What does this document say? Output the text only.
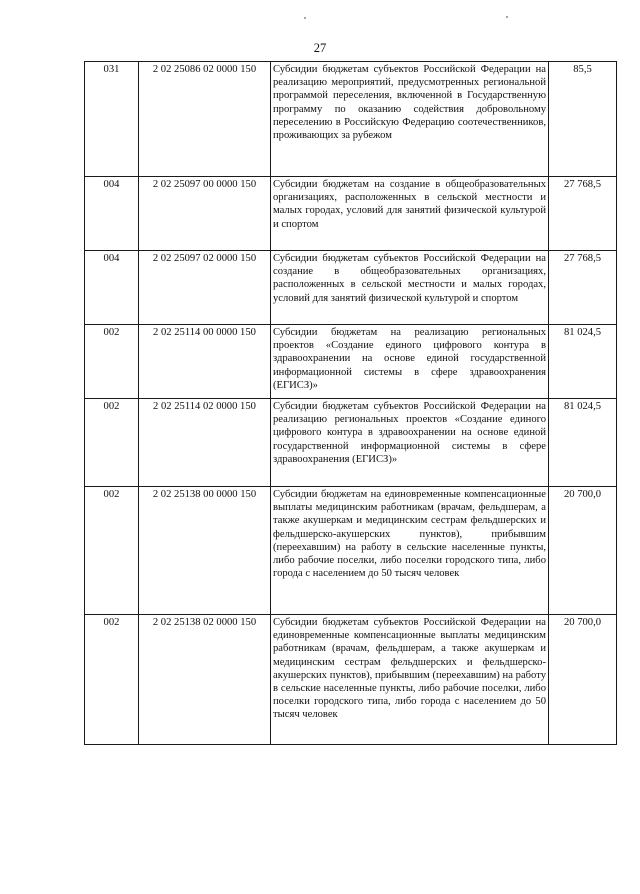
27
031	2 02 25086 02 0000 150	Субсидии бюджетам субъектов Российской Федерации на реализацию мероприятий, предусмотренных региональной программой переселения, включенной в Государственную программу по оказанию содействия добровольному переселению в Российскую Федерацию соотечественников, проживающих за рубежом	85,5
004	2 02 25097 00 0000 150	Субсидии бюджетам на создание в общеобразовательных организациях, расположенных в сельской местности и малых городах, условий для занятий физической культурой и спортом	27 768,5
004	2 02 25097 02 0000 150	Субсидии бюджетам субъектов Российской Федерации на создание в общеобразовательных организациях, расположенных в сельской местности и малых городах, условий для занятий физической культурой и спортом	27 768,5
002	2 02 25114 00 0000 150	Субсидии бюджетам на реализацию региональных проектов «Создание единого цифрового контура в здравоохранении на основе единой государственной информационной системы в сфере здравоохранения (ЕГИСЗ)»	81 024,5
002	2 02 25114 02 0000 150	Субсидии бюджетам субъектов Российской Федерации на реализацию региональных проектов «Создание единого цифрового контура в здравоохранении на основе единой государственной информационной системы в сфере здравоохранения (ЕГИСЗ)»	81 024,5
002	2 02 25138 00 0000 150	Субсидии бюджетам на единовременные компенсационные выплаты медицинским работникам (врачам, фельдшерам, а также акушеркам и медицинским сестрам фельдшерских и фельдшерско-акушерских пунктов), прибывшим (переехавшим) на работу в сельские населенные пункты, либо рабочие поселки, либо поселки городского типа, либо города с населением до 50 тысяч человек	20 700,0
002	2 02 25138 02 0000 150	Субсидии бюджетам субъектов Российской Федерации на единовременные компенсационные выплаты медицинским работникам (врачам, фельдшерам, а также акушеркам и медицинским сестрам фельдшерских и фельдшерско-акушерских пунктов), прибывшим (переехавшим) на работу в сельские населенные пункты, либо рабочие поселки, либо поселки городского типа, либо города с населением до 50 тысяч человек	20 700,0
